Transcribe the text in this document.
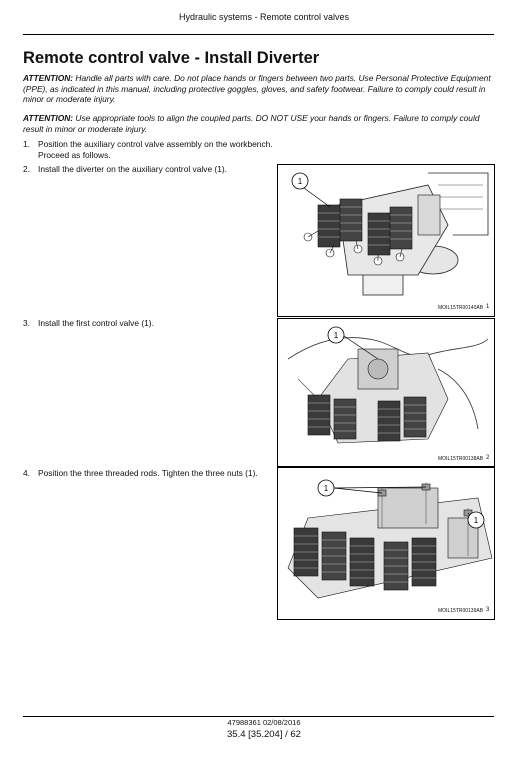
Hydraulic systems - Remote control valves
Remote control valve - Install Diverter
ATTENTION: Handle all parts with care. Do not place hands or fingers between two parts. Use Personal Protective Equipment (PPE), as indicated in this manual, including protective goggles, gloves, and safety footwear. Failure to comply could result in minor or moderate injury.
ATTENTION: Use appropriate tools to align the coupled parts. DO NOT USE your hands or fingers. Failure to comply could result in minor or moderate injury.
1. Position the auxiliary control valve assembly on the workbench. Proceed as follows.
2. Install the diverter on the auxiliary control valve (1).
3. Install the first control valve (1).
4. Position the three threaded rods. Tighten the three nuts (1).
1
MOIL15TR00140AB 1
1
MOIL15TR00138AB 2
1
1
MOIL15TR00139AB 3
47988361 02/08/2016
35.4 [35.204] / 62
